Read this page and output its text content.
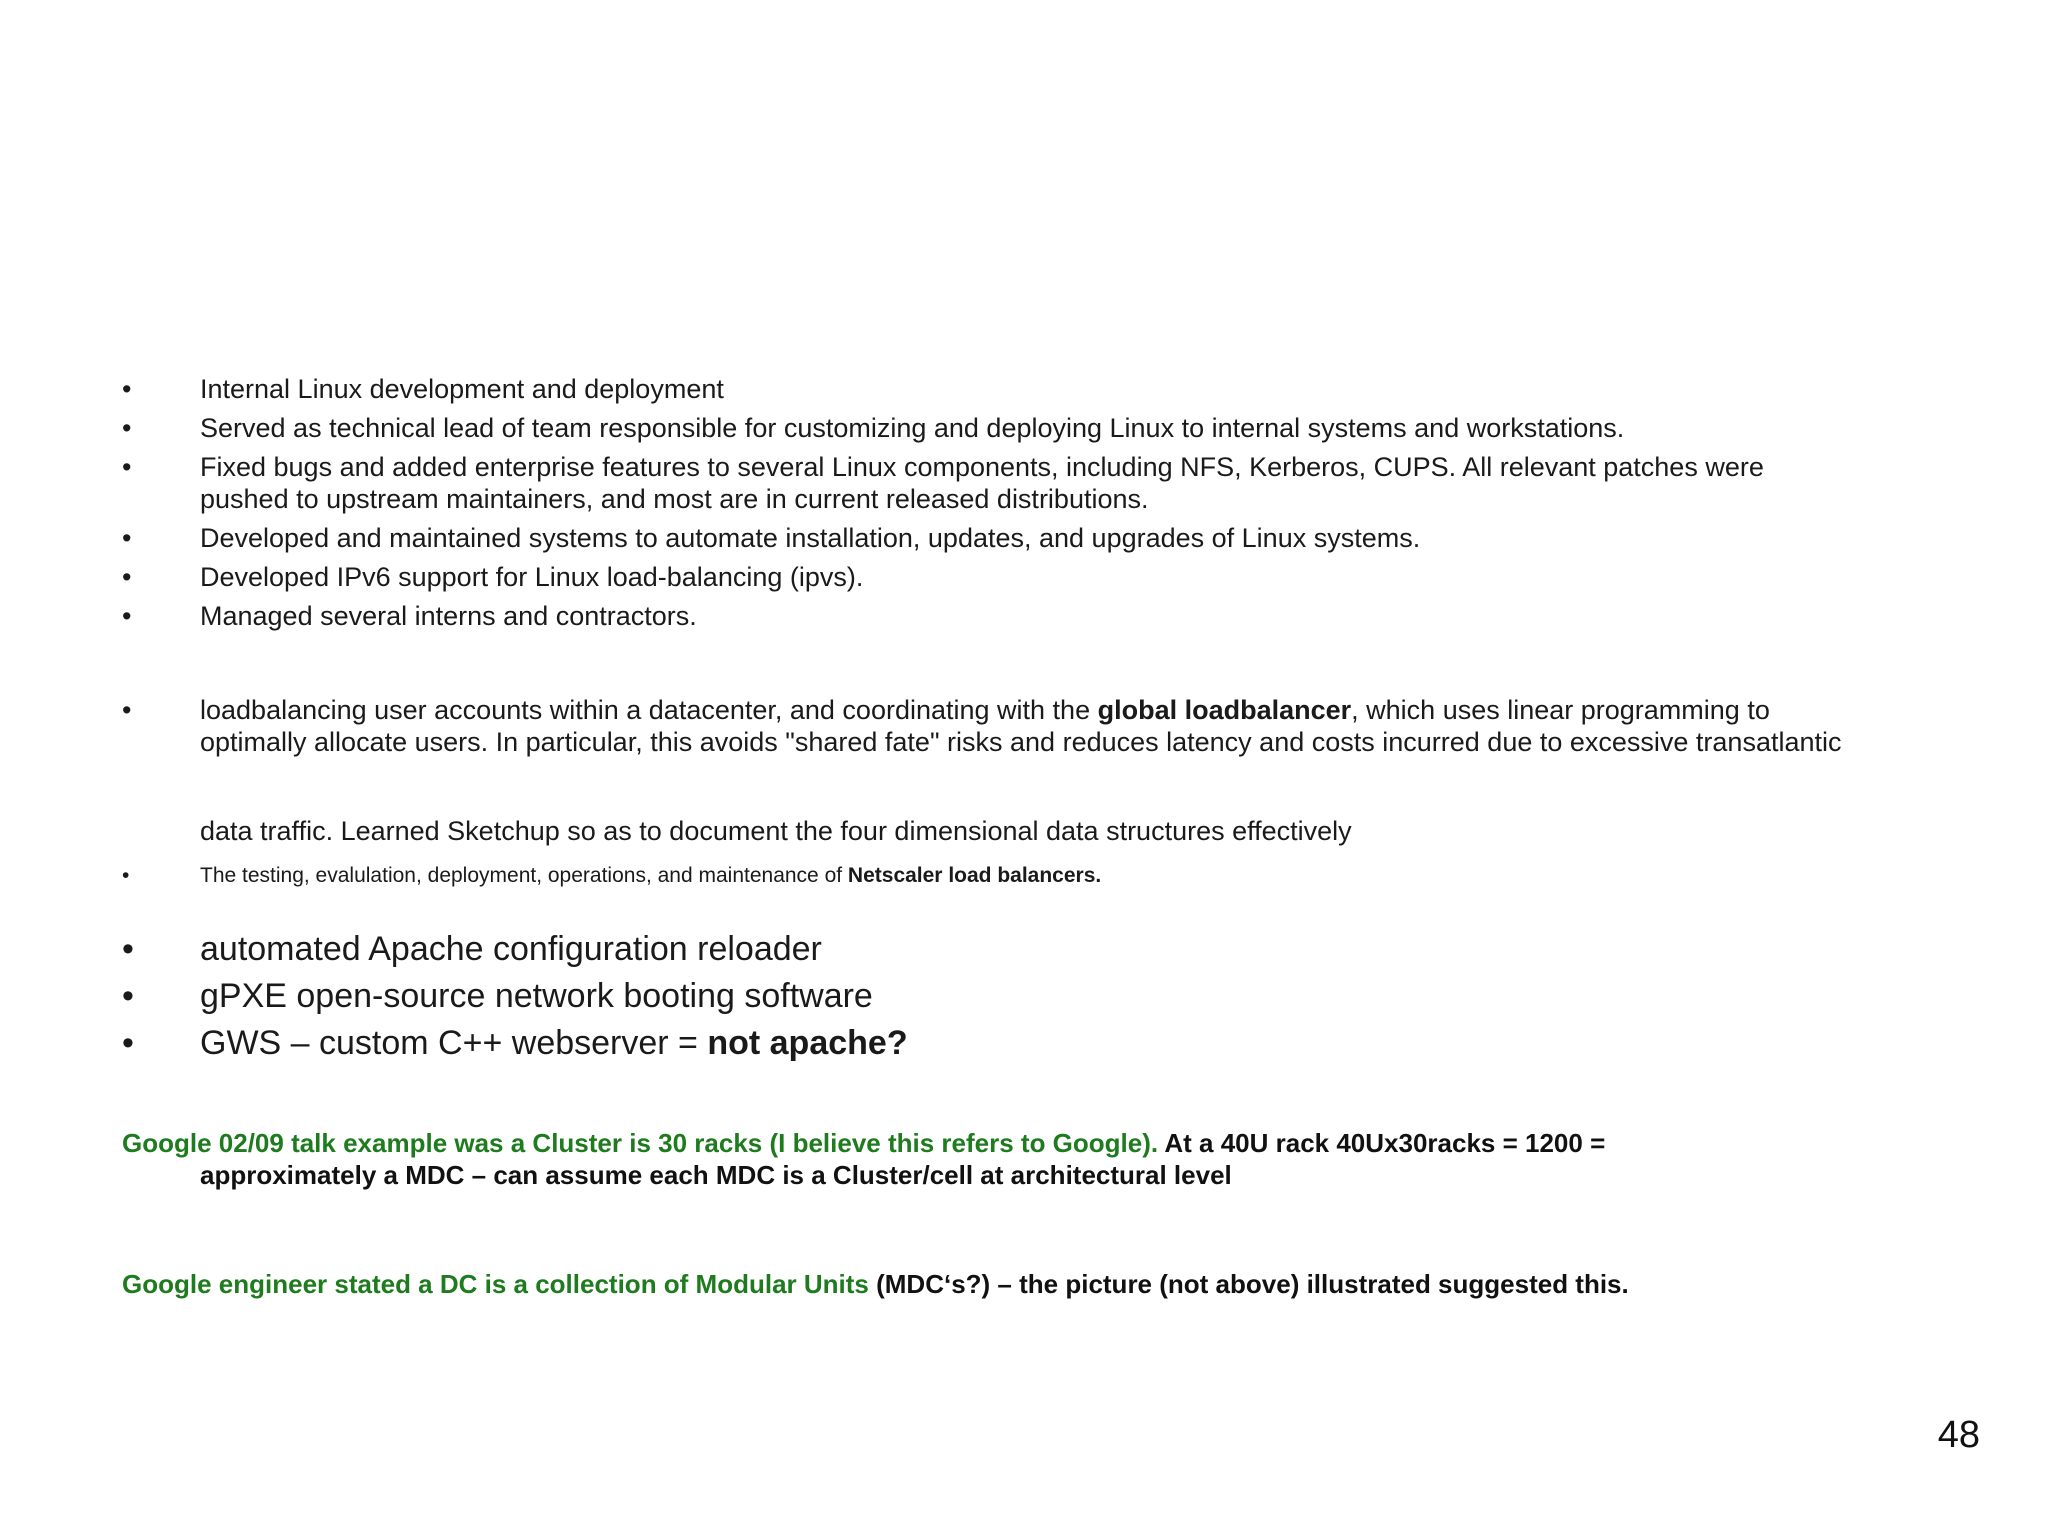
•	Internal Linux development and deployment
•	Served as technical lead of team responsible for customizing and deploying Linux to internal systems and workstations.
•	Fixed bugs and added enterprise features to several Linux components, including NFS, Kerberos, CUPS. All relevant patches were
pushed to upstream maintainers, and most are in current released distributions.
•	Developed and maintained systems to automate installation, updates, and upgrades of Linux systems.
•	Developed IPv6 support for Linux load-balancing (ipvs).
•	Managed several interns and contractors.
•	loadbalancing user accounts within a datacenter, and coordinating with the global loadbalancer, which uses linear programming to
optimally allocate users. In particular, this avoids "shared fate" risks and reduces latency and costs incurred due to excessive transatlantic
data traffic. Learned Sketchup so as to document the four dimensional data structures effectively
•	The testing, evalulation, deployment, operations, and maintenance of Netscaler load balancers.
• automated Apache configuration reloader
• gPXE open-source network booting software
• GWS – custom C++ webserver = not apache?
Google 02/09 talk example was a Cluster is 30 racks (I believe this refers to Google). At a 40U rack 40Ux30racks = 1200 =
approximately a MDC – can assume each MDC is a Cluster/cell at architectural level
Google engineer stated a DC is a collection of Modular Units (MDC‘s?) – the picture (not above) illustrated suggested this.
48
